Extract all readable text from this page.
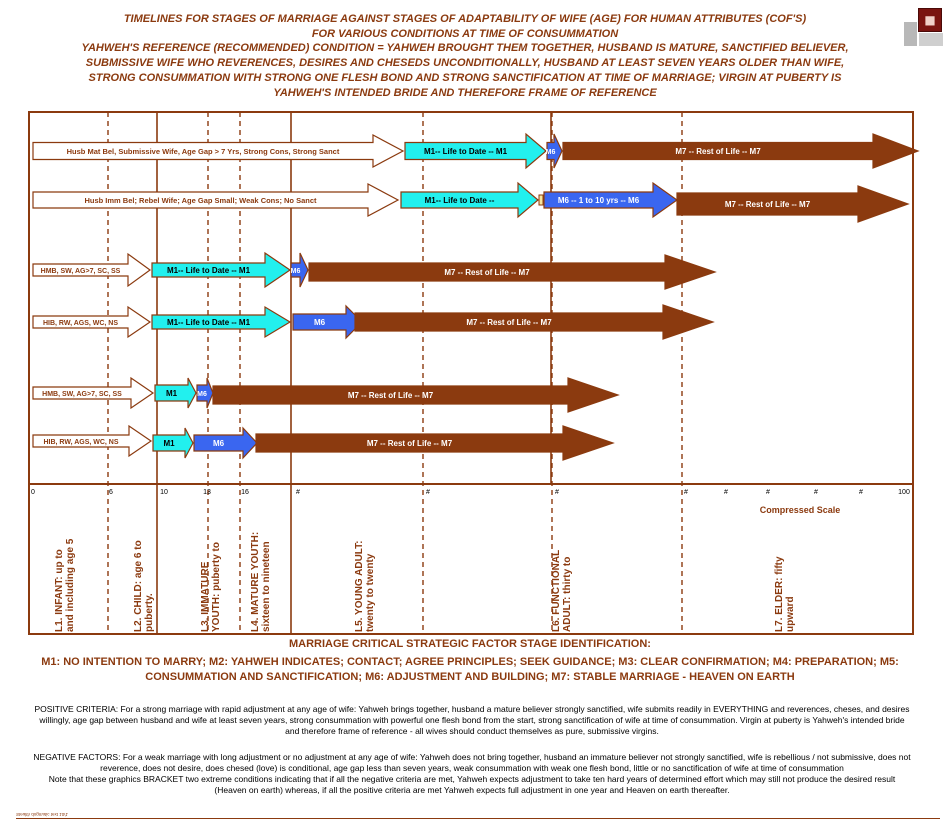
TIMELINES FOR STAGES OF MARRIAGE AGAINST STAGES OF ADAPTABILITY OF WIFE (AGE) FOR HUMAN ATTRIBUTES (COF'S)
FOR VARIOUS CONDITIONS AT TIME OF CONSUMMATION
YAHWEH'S REFERENCE (RECOMMENDED) CONDITION = YAHWEH BROUGHT THEM TOGETHER, HUSBAND IS MATURE, SANCTIFIED BELIEVER,
SUBMISSIVE WIFE WHO REVERENCES, DESIRES AND CHESEDS UNCONDITIONALLY, HUSBAND AT LEAST SEVEN YEARS OLDER THAN WIFE,
STRONG CONSUMMATION WITH STRONG ONE FLESH BOND AND STRONG SANCTIFICATION AT TIME OF MARRIAGE; VIRGIN AT PUBERTY IS
YAHWEH'S INTENDED BRIDE AND THEREFORE FRAME OF REFERENCE
■
0	6	10	13	16	#	#	#	#	#	#	#	100
#
Husb Mat Bel, Submissive Wife, Age Gap > 7 Yrs, Strong Cons, Strong Sanct	M1-- Life to Date -- M1	M6	M7 -- Rest of Life -- M7
Husb Imm Bel; Rebel Wife; Age Gap Small; Weak Cons; No Sanct	M1-- Life to Date --	M6 -- 1 to 10 yrs -- M6	M7 -- Rest of Life -- M7
HMB, SW, AG>7, SC, SS	M1-- Life to Date -- M1	M6	M7 -- Rest of Life -- M7
HIB, RW, AGS, WC, NS	M1-- Life to Date -- M1	M6	M7 -- Rest of Life -- M7
HMB, SW, AG>7, SC, SS	M1	M6	M7 -- Rest of Life -- M7
HIB, RW, AGS, WC, NS	M1	M6	M7 -- Rest of Life -- M7
L1. INFANT: up to and including age 5	L2. CHILD: age 6 to puberty.	L3. IMMATURE YOUTH: puberty to	L4. MATURE YOUTH: sixteen to nineteen	L5. YOUNG ADULT: twenty to twenty	L6. FUNCTIONAL ADULT: thirty to	L7. ELDER: fifty upward
Compressed Scale

MARRIAGE CRITICAL STRATEGIC FACTOR STAGE IDENTIFICATION:

M1: NO INTENTION TO MARRY; M2: YAHWEH INDICATES; CONTACT; AGREE PRINCIPLES; SEEK GUIDANCE; M3: CLEAR CONFIRMATION; M4: PREPARATION; M5: CONSUMMATION AND SANCTIFICATION; M6: ADJUSTMENT AND BUILDING; M7: STABLE MARRIAGE - HEAVEN ON EARTH

POSITIVE CRITERIA: For a strong marriage with rapid adjustment at any age of wife: Yahweh brings together, husband a mature believer strongly sanctified, wife submits readily in EVERYTHING and reverences, cheses, and desires willingly, age gap between husband and wife at least seven years, strong consummation with powerful one flesh bond from the start, strong sanctification of wife at time of consummation. Virgin at puberty is Yahweh's intended bride and therefore frame of reference - all wives should conduct themselves as pure, submissive virgins.

NEGATIVE FACTORS: For a weak marriage with long adjustment or no adjustment at any age of wife: Yahweh does not bring together, husband an immature believer not strongly sanctified, wife is rebellious / not submissive, does not reverence, does not desire, does chesed (love) is conditional, age gap less than seven years, weak consummation with weak one flesh bond, little or no sanctification of wife at time of consummation
Note that these graphics BRACKET two extreme conditions indicating that if all the negative criteria are met, Yahweh expects adjustment to take ten hard years of determined effort which may still not produce the desired result (Heaven on earth) whereas, if all the positive criteria are met Yahweh expects full adjustment in one year and Heaven on earth thereafter.

Stealth dogmatic text 10/1
